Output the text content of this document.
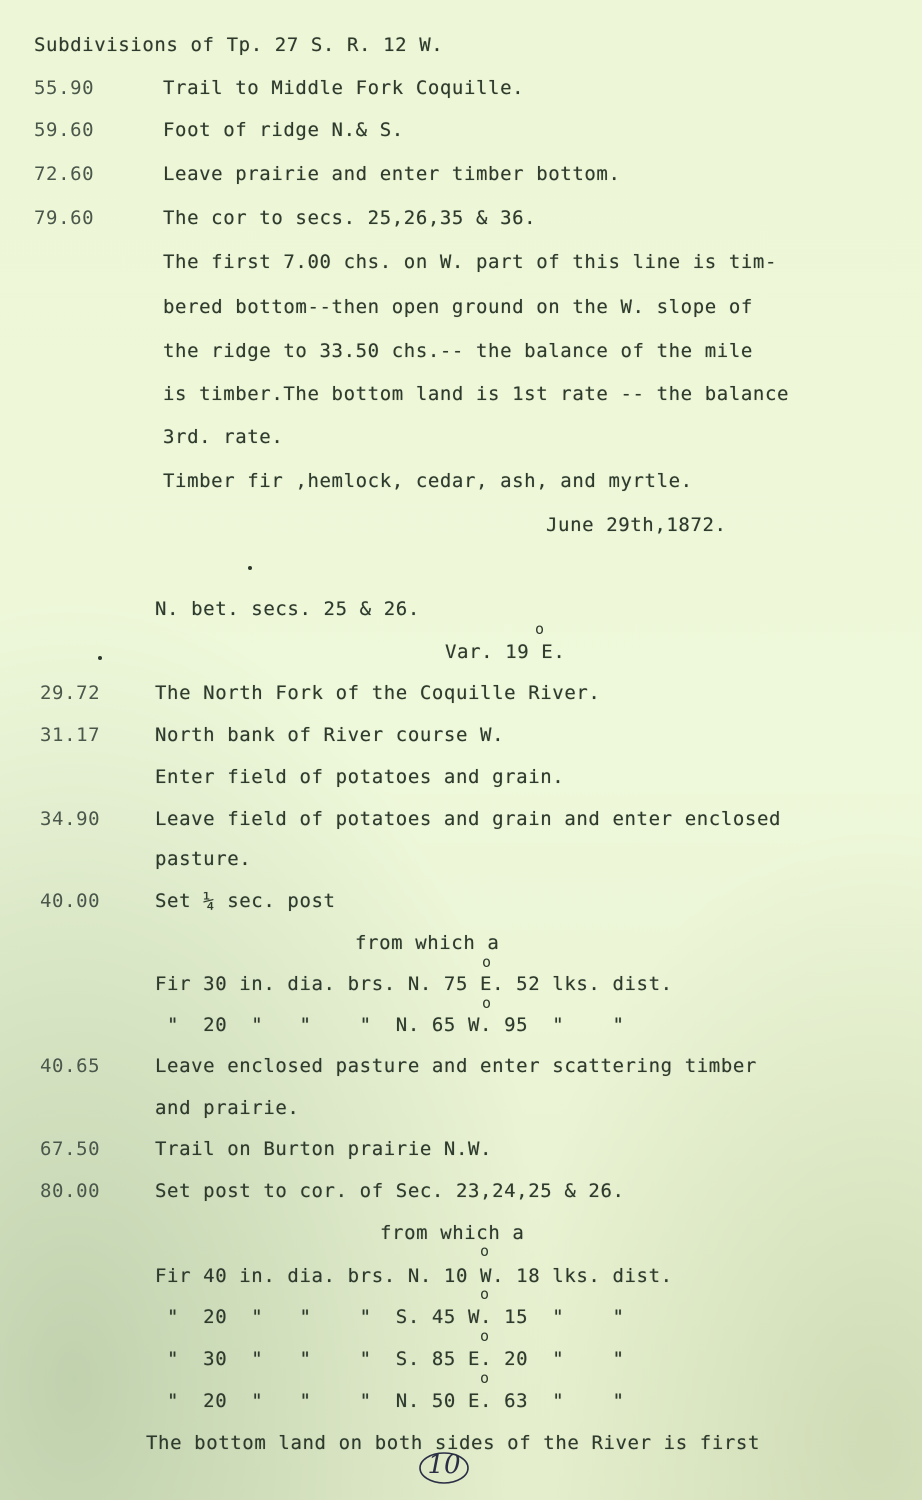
Subdivisions of Tp. 27 S. R. 12 W.
55.90	Trail to Middle Fork Coquille.
59.60	Foot of ridge N.& S.
72.60	Leave prairie and enter timber bottom.
79.60	The cor to secs. 25,26,35 & 36.
The first 7.00 chs. on W. part of this line is tim-
bered bottom--then open ground on the W. slope of
the ridge to 33.50 chs.-- the balance of the mile
is timber.The bottom land is 1st rate -- the balance
3rd. rate.
Timber fir ,hemlock, cedar, ash, and myrtle.
June 29th,1872.
N. bet. secs. 25 & 26.
o
Var. 19 E.
29.72	The North Fork of the Coquille River.
31.17	North bank of River course W.
Enter field of potatoes and grain.
34.90	Leave field of potatoes and grain and enter enclosed
pasture.
40.00	Set ¼ sec. post
from which a
o
Fir 30 in. dia. brs. N. 75 E. 52 lks. dist.
o
"  20  "   "    "  N. 65 W. 95  "    "
40.65	Leave enclosed pasture and enter scattering timber
and prairie.
67.50	Trail on Burton prairie N.W.
80.00	Set post to cor. of Sec. 23,24,25 & 26.
from which a
o
Fir 40 in. dia. brs. N. 10 W. 18 lks. dist.
o
"  20  "   "    "  S. 45 W. 15  "    "
o
"  30  "   "    "  S. 85 E. 20  "    "
o
"  20  "   "    "  N. 50 E. 63  "    "
The bottom land on both sides of the River is first
10
